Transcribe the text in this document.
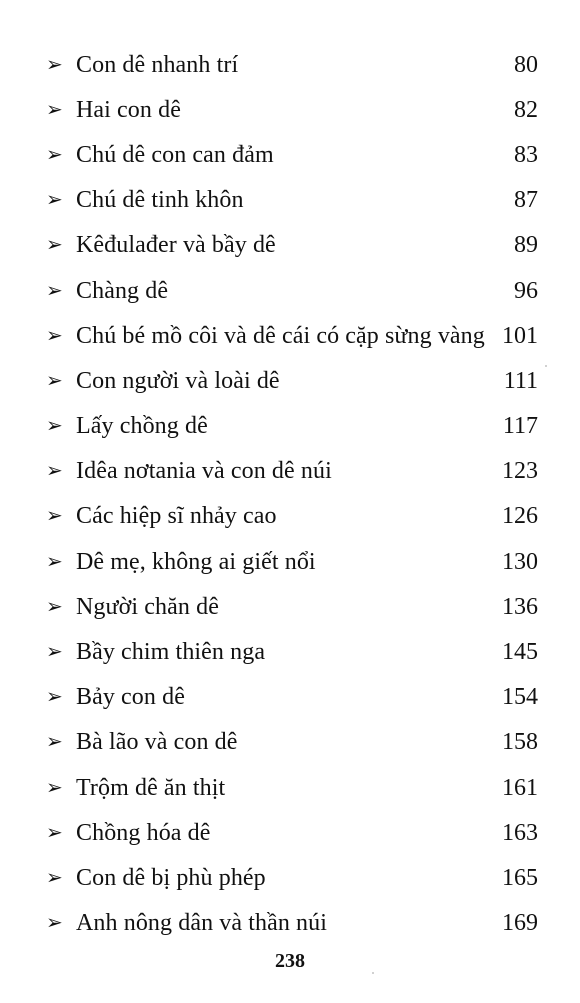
➢ Con dê nhanh trí	80
➢ Hai con dê	82
➢ Chú dê con can đảm	83
➢ Chú dê tinh khôn	87
➢ Kêđulađer và bầy dê	89
➢ Chàng dê	96
➢ Chú bé mồ côi và dê cái có cặp sừng vàng 101
➢ Con người và loài dê	111
➢ Lấy chồng dê	117
➢ Idêa nơtania và con dê núi	123
➢ Các hiệp sĩ nhảy cao	126
➢ Dê mẹ, không ai giết nổi	130
➢ Người chăn dê	136
➢ Bầy chim thiên nga	145
➢ Bảy con dê	154
➢ Bà lão và con dê	158
➢ Trộm dê ăn thịt	161
➢ Chồng hóa dê	163
➢ Con dê bị phù phép	165
➢ Anh nông dân và thần núi	169
238
